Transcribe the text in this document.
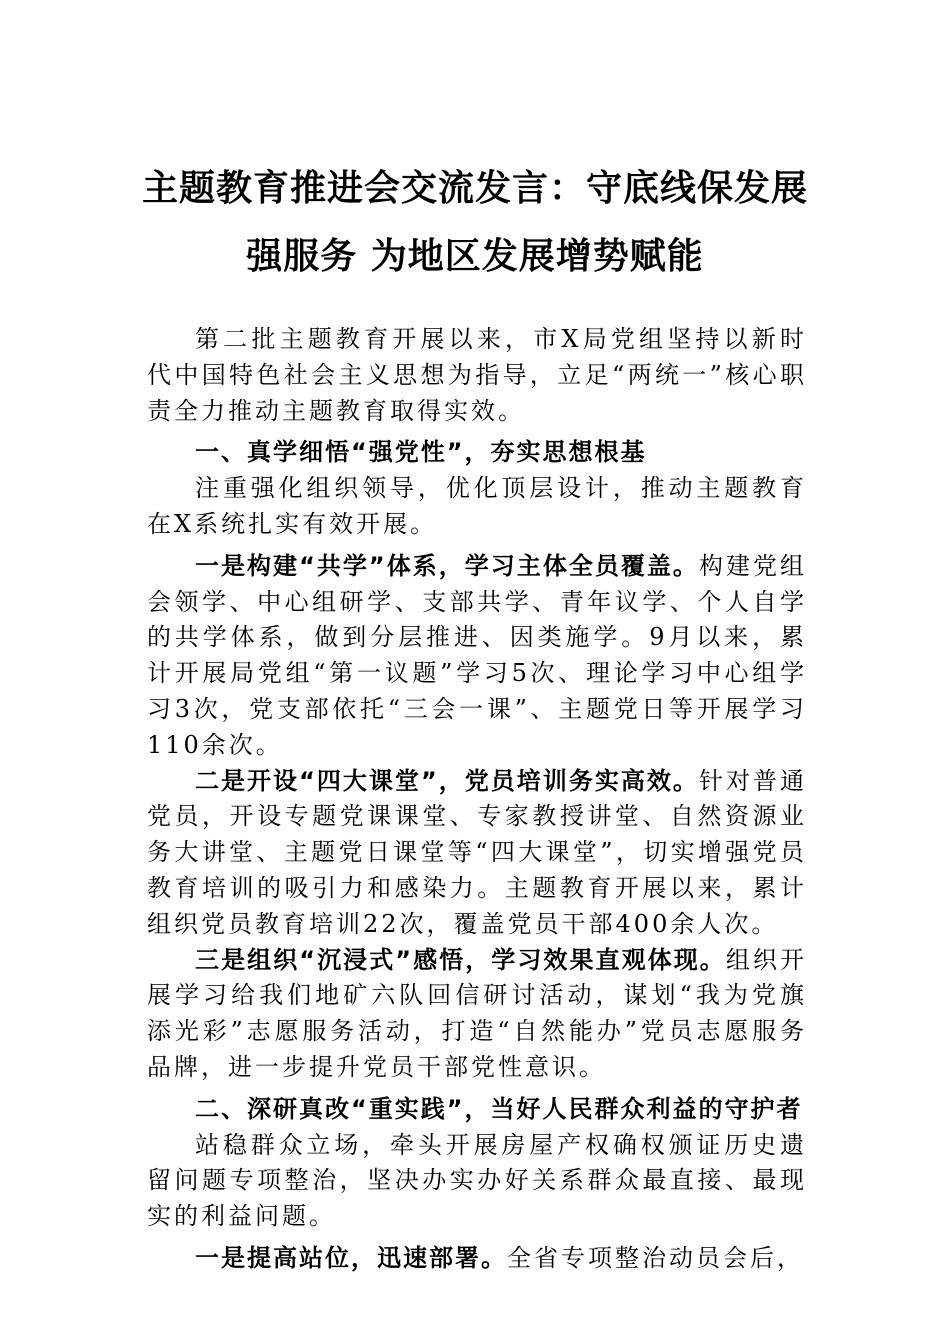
主题教育推进会交流发言：守底线保发展
强服务 为地区发展增势赋能

第二批主题教育开展以来，市X局党组坚持以新时代中国特色社会主义思想为指导，立足“两统一”核心职责全力推动主题教育取得实效。

一、真学细悟“强党性”，夯实思想根基

注重强化组织领导，优化顶层设计，推动主题教育在X系统扎实有效开展。

一是构建“共学”体系，学习主体全员覆盖。构建党组会领学、中心组研学、支部共学、青年议学、个人自学的共学体系，做到分层推进、因类施学。9月以来，累计开展局党组“第一议题”学习5次、理论学习中心组学习3次，党支部依托“三会一课”、主题党日等开展学习110余次。

二是开设“四大课堂”，党员培训务实高效。针对普通党员，开设专题党课课堂、专家教授讲堂、自然资源业务大讲堂、主题党日课堂等“四大课堂”，切实增强党员教育培训的吸引力和感染力。主题教育开展以来，累计组织党员教育培训22次，覆盖党员干部400余人次。

三是组织“沉浸式”感悟，学习效果直观体现。组织开展学习给我们地矿六队回信研讨活动，谋划“我为党旗添光彩”志愿服务活动，打造“自然能办”党员志愿服务品牌，进一步提升党员干部党性意识。

二、深研真改“重实践”，当好人民群众利益的守护者

站稳群众立场，牵头开展房屋产权确权颁证历史遗留问题专项整治，坚决办实办好关系群众最直接、最现实的利益问题。

一是提高站位，迅速部署。全省专项整治动员会后，
